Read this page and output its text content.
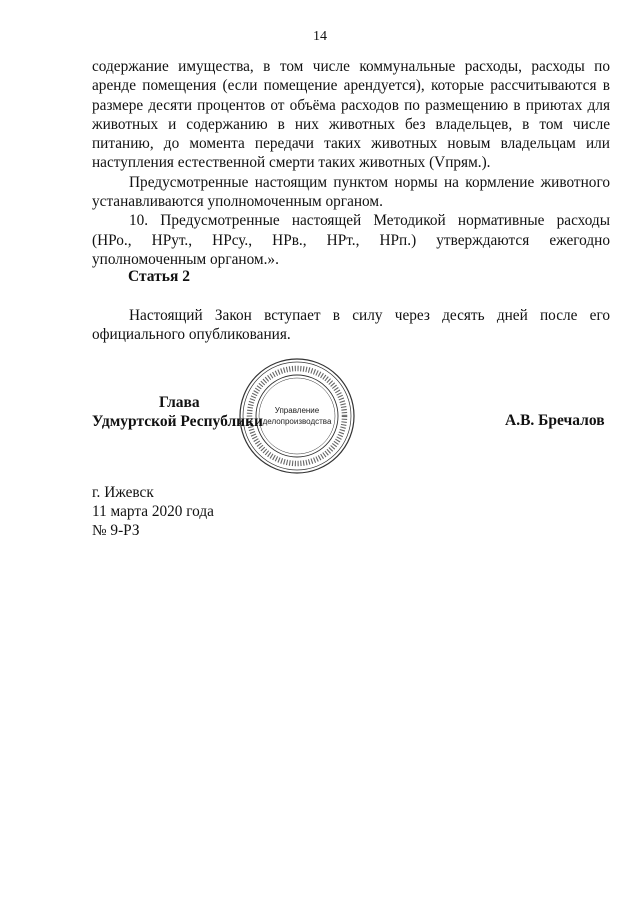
14

содержание имущества, в том числе коммунальные расходы, расходы по аренде помещения (если помещение арендуется), которые рассчитываются в размере десяти процентов от объёма расходов по размещению в приютах для животных и содержанию в них животных без владельцев, в том числе питанию, до момента передачи таких животных новым владельцам или наступления естественной смерти таких животных (Vпрям.).

Предусмотренные настоящим пунктом нормы на кормление животного устанавливаются уполномоченным органом.

10. Предусмотренные настоящей Методикой нормативные расходы (НРо., НРут., НРсу., НРв., НРт., НРп.) утверждаются ежегодно уполномоченным органом.».

Статья 2

Настоящий Закон вступает в силу через десять дней после его официального опубликования.

Управление
делопроизводства
Глава
Удмуртской Республики	А.В. Бречалов
г. Ижевск
11 марта 2020 года
№ 9-РЗ
